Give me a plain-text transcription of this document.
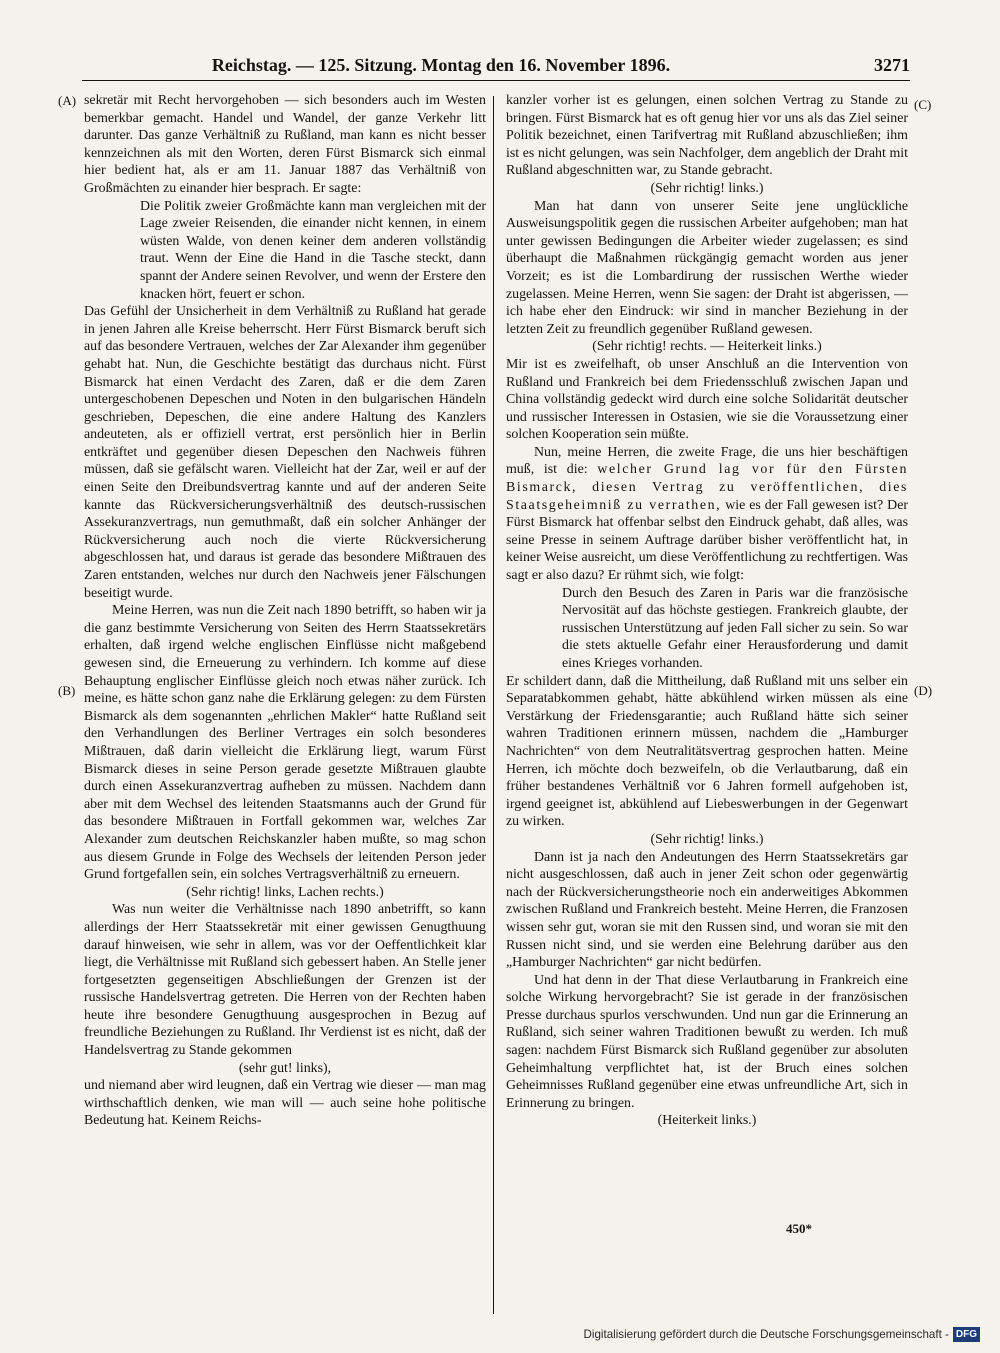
Reichstag. — 125. Sitzung. Montag den 16. November 1896.	3271
(A)
(B)
(C)
(D)

sekretär mit Recht hervorgehoben — sich besonders auch im Westen bemerkbar gemacht. Handel und Wandel, der ganze Verkehr litt darunter. Das ganze Verhältniß zu Rußland, man kann es nicht besser kennzeichnen als mit den Worten, deren Fürst Bismarck sich einmal hier bedient hat, als er am 11. Januar 1887 das Verhältniß von Großmächten zu einander hier besprach. Er sagte:

Die Politik zweier Großmächte kann man vergleichen mit der Lage zweier Reisenden, die einander nicht kennen, in einem wüsten Walde, von denen keiner dem anderen vollständig traut. Wenn der Eine die Hand in die Tasche steckt, dann spannt der Andere seinen Revolver, und wenn der Erstere den knacken hört, feuert er schon.

Das Gefühl der Unsicherheit in dem Verhältniß zu Rußland hat gerade in jenen Jahren alle Kreise beherrscht. Herr Fürst Bismarck beruft sich auf das besondere Vertrauen, welches der Zar Alexander ihm gegenüber gehabt hat. Nun, die Geschichte bestätigt das durchaus nicht. Fürst Bismarck hat einen Verdacht des Zaren, daß er die dem Zaren untergeschobenen Depeschen und Noten in den bulgarischen Händeln geschrieben, Depeschen, die eine andere Haltung des Kanzlers andeuteten, als er offiziell vertrat, erst persönlich hier in Berlin entkräftet und gegenüber diesen Depeschen den Nachweis führen müssen, daß sie gefälscht waren. Vielleicht hat der Zar, weil er auf der einen Seite den Dreibundsvertrag kannte und auf der anderen Seite kannte das Rückversicherungsverhältniß des deutsch-russischen Assekuranzvertrags, nun gemuthmaßt, daß ein solcher Anhänger der Rückversicherung auch noch die vierte Rückversicherung abgeschlossen hat, und daraus ist gerade das besondere Mißtrauen des Zaren entstanden, welches nur durch den Nachweis jener Fälschungen beseitigt wurde.

Meine Herren, was nun die Zeit nach 1890 betrifft, so haben wir ja die ganz bestimmte Versicherung von Seiten des Herrn Staatssekretärs erhalten, daß irgend welche englischen Einflüsse nicht maßgebend gewesen sind, die Erneuerung zu verhindern. Ich komme auf diese Behauptung englischer Einflüsse gleich noch etwas näher zurück. Ich meine, es hätte schon ganz nahe die Erklärung gelegen: zu dem Fürsten Bismarck als dem sogenannten „ehrlichen Makler“ hatte Rußland seit den Verhandlungen des Berliner Vertrages ein solch besonderes Mißtrauen, daß darin vielleicht die Erklärung liegt, warum Fürst Bismarck dieses in seine Person gerade gesetzte Mißtrauen glaubte durch einen Assekuranzvertrag aufheben zu müssen. Nachdem dann aber mit dem Wechsel des leitenden Staatsmanns auch der Grund für das besondere Mißtrauen in Fortfall gekommen war, welches Zar Alexander zum deutschen Reichskanzler haben mußte, so mag schon aus diesem Grunde in Folge des Wechsels der leitenden Person jeder Grund fortgefallen sein, ein solches Vertragsverhältniß zu erneuern.

(Sehr richtig! links, Lachen rechts.)

Was nun weiter die Verhältnisse nach 1890 anbetrifft, so kann allerdings der Herr Staatssekretär mit einer gewissen Genugthuung darauf hinweisen, wie sehr in allem, was vor der Oeffentlichkeit klar liegt, die Verhältnisse mit Rußland sich gebessert haben. An Stelle jener fortgesetzten gegenseitigen Abschließungen der Grenzen ist der russische Handelsvertrag getreten. Die Herren von der Rechten haben heute ihre besondere Genugthuung ausgesprochen in Bezug auf freundliche Beziehungen zu Rußland. Ihr Verdienst ist es nicht, daß der Handelsvertrag zu Stande gekommen

(sehr gut! links),

und niemand aber wird leugnen, daß ein Vertrag wie dieser — man mag wirthschaftlich denken, wie man will — auch seine hohe politische Bedeutung hat. Keinem Reichs-

kanzler vorher ist es gelungen, einen solchen Vertrag zu Stande zu bringen. Fürst Bismarck hat es oft genug hier vor uns als das Ziel seiner Politik bezeichnet, einen Tarifvertrag mit Rußland abzuschließen; ihm ist es nicht gelungen, was sein Nachfolger, dem angeblich der Draht mit Rußland abgeschnitten war, zu Stande gebracht.

(Sehr richtig! links.)

Man hat dann von unserer Seite jene unglückliche Ausweisungspolitik gegen die russischen Arbeiter aufgehoben; man hat unter gewissen Bedingungen die Arbeiter wieder zugelassen; es sind überhaupt die Maßnahmen rückgängig gemacht worden aus jener Vorzeit; es ist die Lombardirung der russischen Werthe wieder zugelassen. Meine Herren, wenn Sie sagen: der Draht ist abgerissen, — ich habe eher den Eindruck: wir sind in mancher Beziehung in der letzten Zeit zu freundlich gegenüber Rußland gewesen.

(Sehr richtig! rechts. — Heiterkeit links.)

Mir ist es zweifelhaft, ob unser Anschluß an die Intervention von Rußland und Frankreich bei dem Friedensschluß zwischen Japan und China vollständig gedeckt wird durch eine solche Solidarität deutscher und russischer Interessen in Ostasien, wie sie die Voraussetzung einer solchen Kooperation sein müßte.

Nun, meine Herren, die zweite Frage, die uns hier beschäftigen muß, ist die: welcher Grund lag vor für den Fürsten Bismarck, diesen Vertrag zu veröffentlichen, dies Staatsgeheimniß zu verrathen, wie es der Fall gewesen ist? Der Fürst Bismarck hat offenbar selbst den Eindruck gehabt, daß alles, was seine Presse in seinem Auftrage darüber bisher veröffentlicht hat, in keiner Weise ausreicht, um diese Veröffentlichung zu rechtfertigen. Was sagt er also dazu? Er rühmt sich, wie folgt:

Durch den Besuch des Zaren in Paris war die französische Nervosität auf das höchste gestiegen. Frankreich glaubte, der russischen Unterstützung auf jeden Fall sicher zu sein. So war die stets aktuelle Gefahr einer Herausforderung und damit eines Krieges vorhanden.

Er schildert dann, daß die Mittheilung, daß Rußland mit uns selber ein Separatabkommen gehabt, hätte abkühlend wirken müssen als eine Verstärkung der Friedensgarantie; auch Rußland hätte sich seiner wahren Traditionen erinnern müssen, nachdem die „Hamburger Nachrichten“ von dem Neutralitätsvertrag gesprochen hatten. Meine Herren, ich möchte doch bezweifeln, ob die Verlautbarung, daß ein früher bestandenes Verhältniß vor 6 Jahren formell aufgehoben ist, irgend geeignet ist, abkühlend auf Liebeswerbungen in der Gegenwart zu wirken.

(Sehr richtig! links.)

Dann ist ja nach den Andeutungen des Herrn Staatssekretärs gar nicht ausgeschlossen, daß auch in jener Zeit schon oder gegenwärtig nach der Rückversicherungstheorie noch ein anderweitiges Abkommen zwischen Rußland und Frankreich besteht. Meine Herren, die Franzosen wissen sehr gut, woran sie mit den Russen sind, und woran sie mit den Russen nicht sind, und sie werden eine Belehrung darüber aus den „Hamburger Nachrichten“ gar nicht bedürfen.

Und hat denn in der That diese Verlautbarung in Frankreich eine solche Wirkung hervorgebracht? Sie ist gerade in der französischen Presse durchaus spurlos verschwunden. Und nun gar die Erinnerung an Rußland, sich seiner wahren Traditionen bewußt zu werden. Ich muß sagen: nachdem Fürst Bismarck sich Rußland gegenüber zur absoluten Geheimhaltung verpflichtet hat, ist der Bruch eines solchen Geheimnisses Rußland gegenüber eine etwas unfreundliche Art, sich in Erinnerung zu bringen.

(Heiterkeit links.)

450*
Digitalisierung gefördert durch die Deutsche Forschungsgemeinschaft - DFG
